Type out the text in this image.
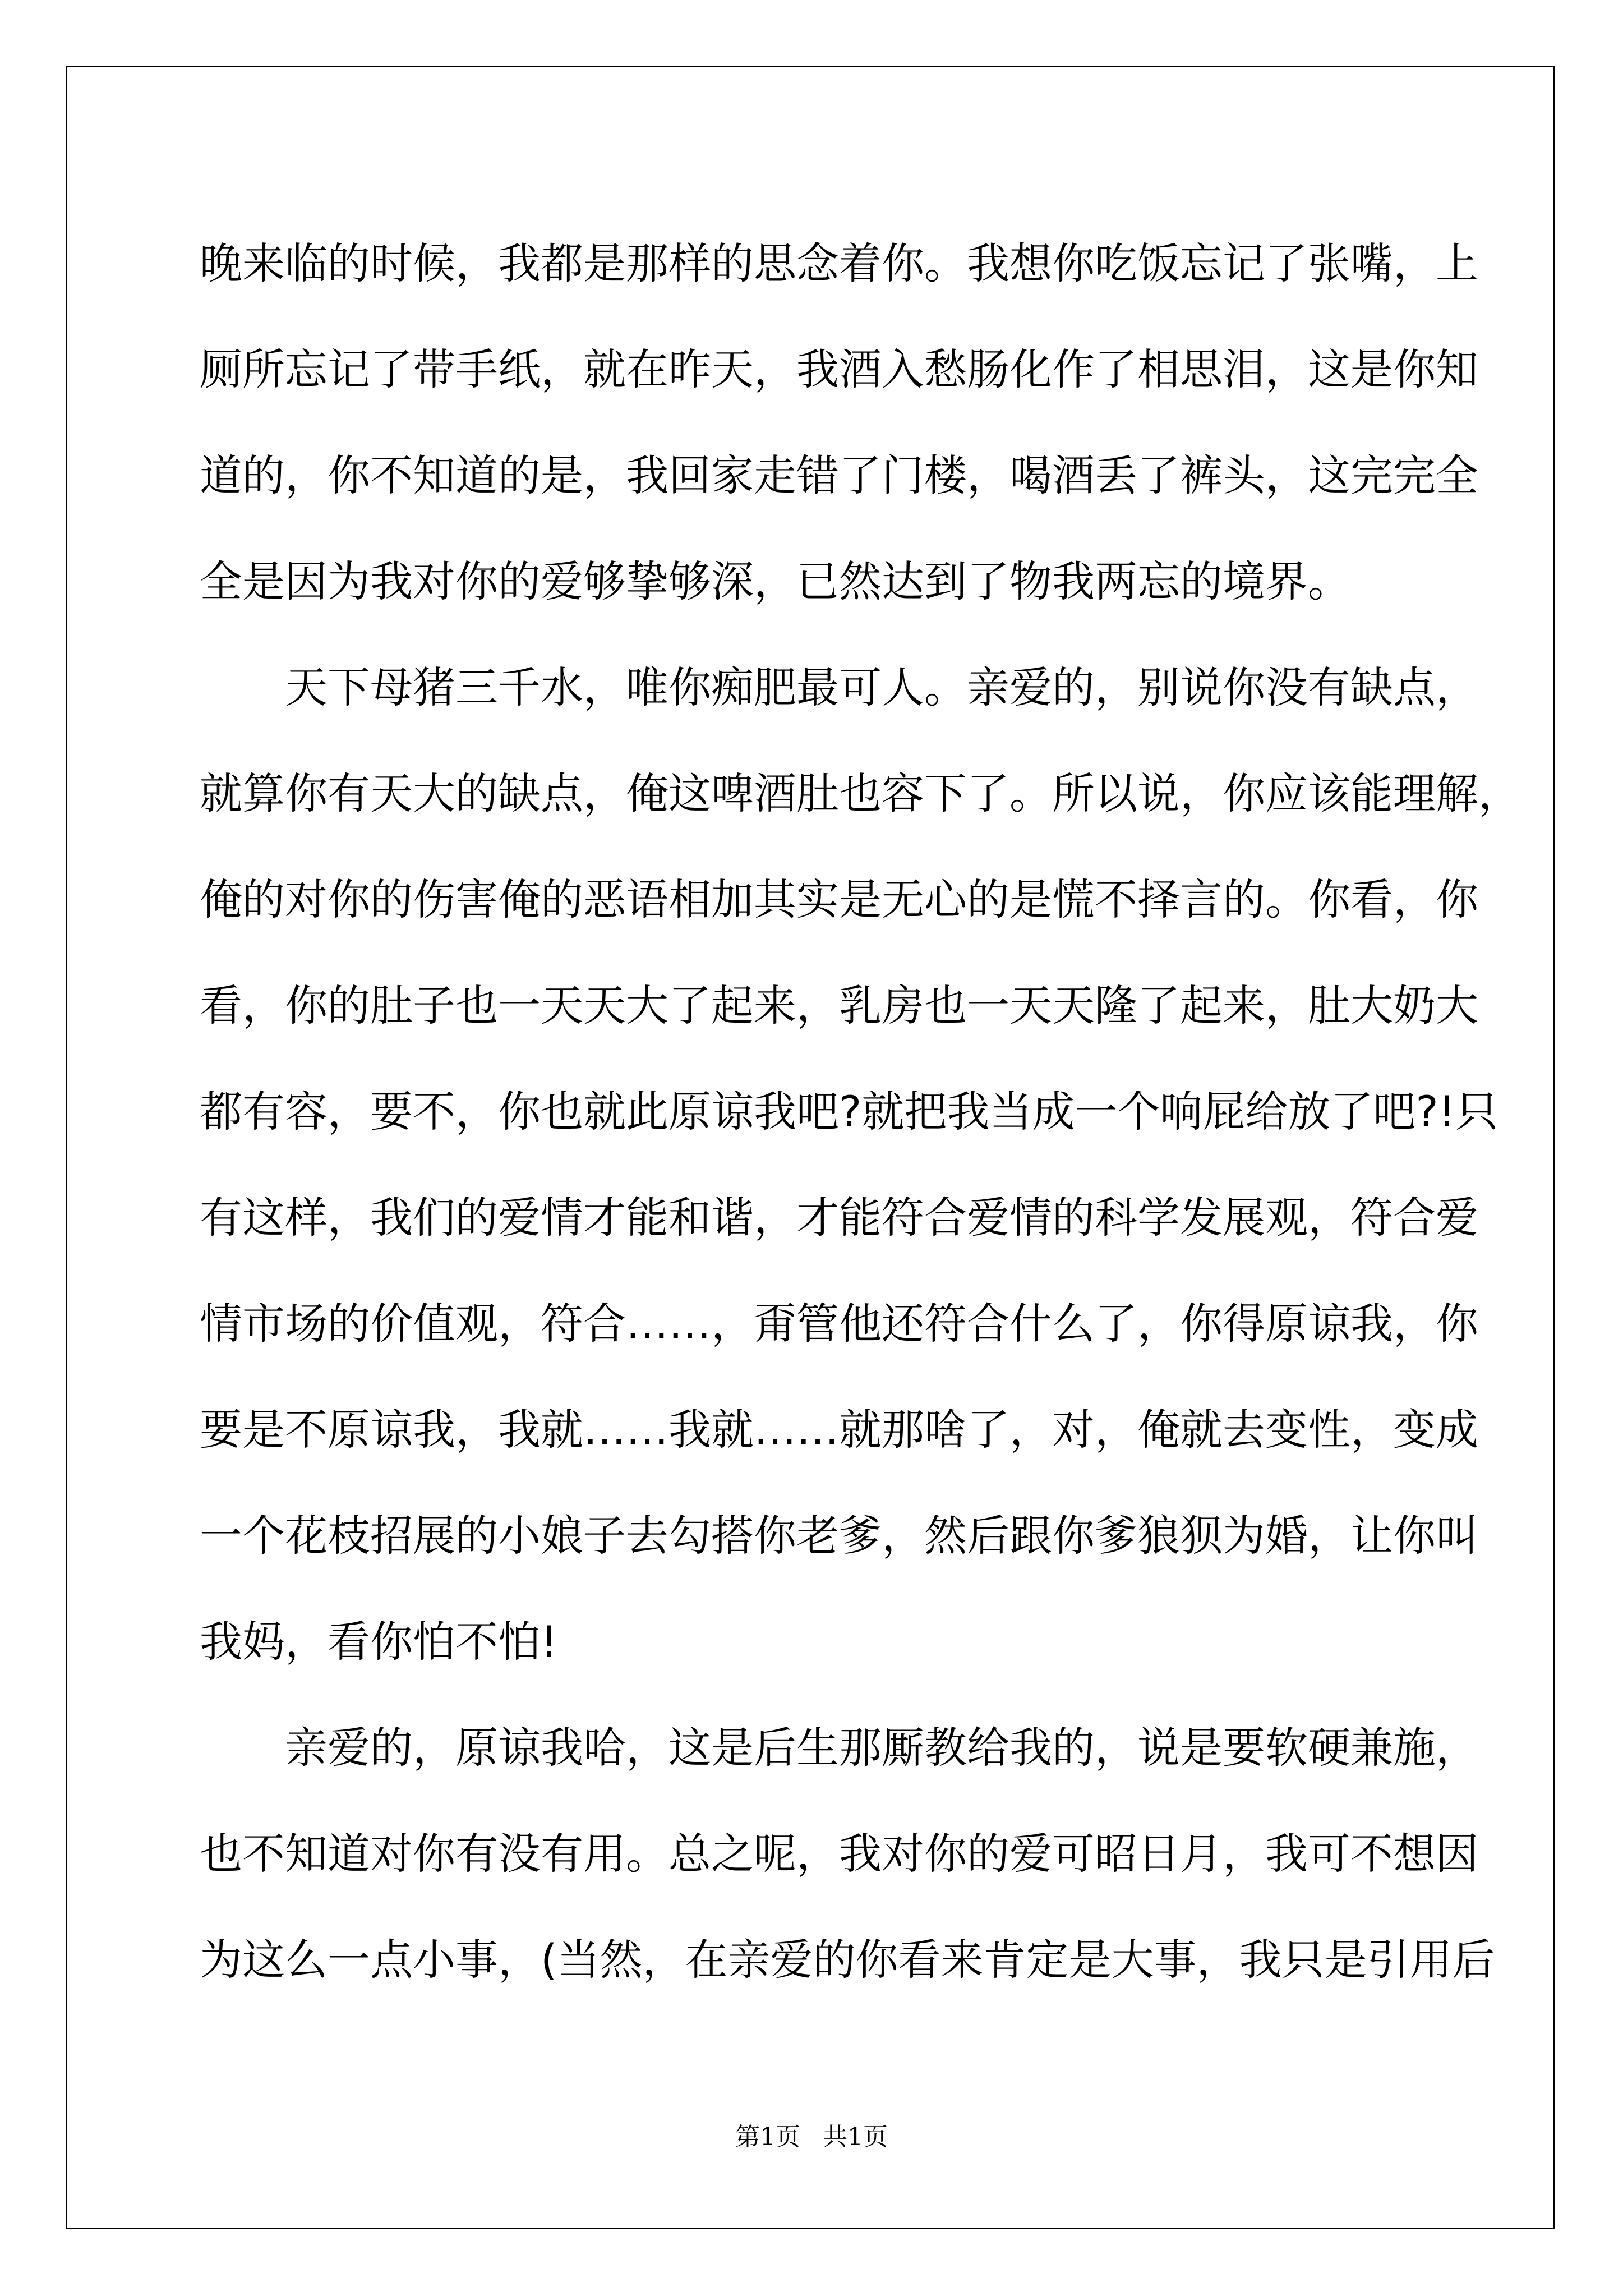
晚来临的时候，我都是那样的思念着你。我想你吃饭忘记了张嘴，上
厕所忘记了带手纸，就在昨天，我酒入愁肠化作了相思泪，这是你知
道的，你不知道的是，我回家走错了门楼，喝酒丢了裤头，这完完全
全是因为我对你的爱够挚够深，已然达到了物我两忘的境界。
天下母猪三千水，唯你痴肥最可人。亲爱的，别说你没有缺点，
就算你有天大的缺点，俺这啤酒肚也容下了。所以说，你应该能理解，
俺的对你的伤害俺的恶语相加其实是无心的是慌不择言的。你看，你
看，你的肚子也一天天大了起来，乳房也一天天隆了起来，肚大奶大
都有容，要不，你也就此原谅我吧?就把我当成一个响屁给放了吧?!只
有这样，我们的爱情才能和谐，才能符合爱情的科学发展观，符合爱
情市场的价值观，符合……，甭管他还符合什么了，你得原谅我，你
要是不原谅我，我就……我就……就那啥了，对，俺就去变性，变成
一个花枝招展的小娘子去勾搭你老爹，然后跟你爹狼狈为婚，让你叫
我妈，看你怕不怕!
亲爱的，原谅我哈，这是后生那厮教给我的，说是要软硬兼施，
也不知道对你有没有用。总之呢，我对你的爱可昭日月，我可不想因
为这么一点小事，(当然，在亲爱的你看来肯定是大事，我只是引用后
第1页 共1页
